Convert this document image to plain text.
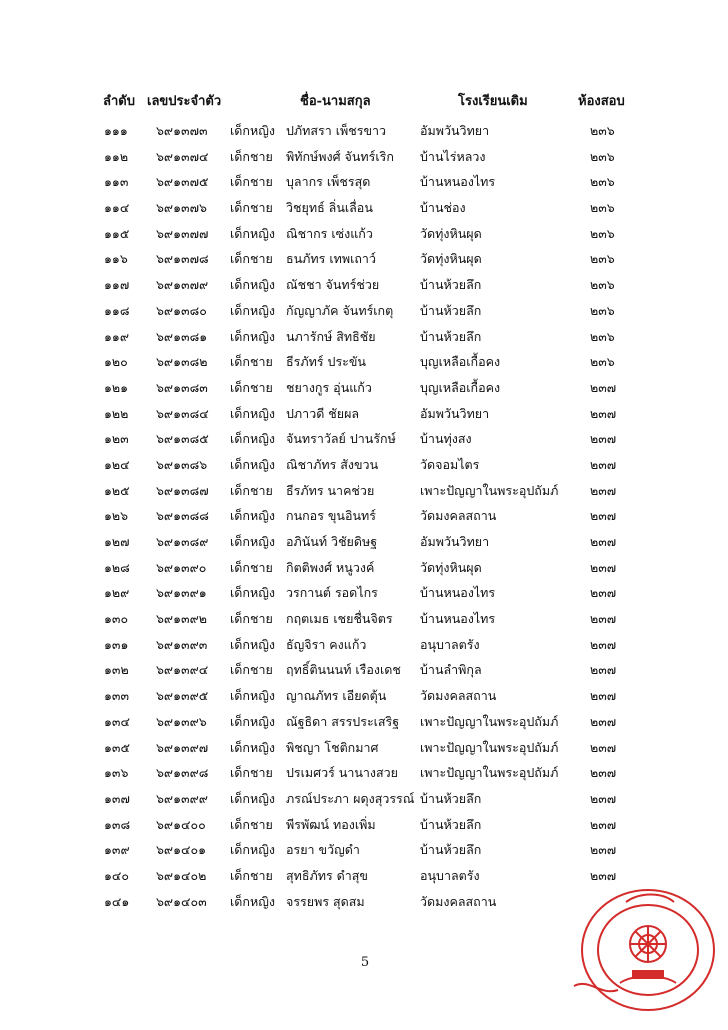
ลำดับ เลขประจำตัว	ชื่อ-นามสกุล	โรงเรียนเดิม	ห้องสอบ
๑๑๑	๖๙๑๓๗๓	เด็กหญิง ปภัทสรา เพ็ชรขาว	อัมพวันวิทยา	๒๓๖
๑๑๒	๖๙๑๓๗๔	เด็กชาย	พิทักษ์พงศ์ จันทร์เริก	บ้านไร่หลวง	๒๓๖
๑๑๓	๖๙๑๓๗๕	เด็กชาย	บุลากร เพ็ชรสุด	บ้านหนองไทร	๒๓๖
๑๑๔	๖๙๑๓๗๖	เด็กชาย	วิชยุทธ์ ลิ่นเลื่อน	บ้านช่อง	๒๓๖
๑๑๕	๖๙๑๓๗๗	เด็กหญิง ณิชากร เซ่งแก้ว	วัดทุ่งหินผุด	๒๓๖
๑๑๖	๖๙๑๓๗๘	เด็กชาย	ธนภัทร เทพเถาว์	วัดทุ่งหินผุด	๒๓๖
๑๑๗	๖๙๑๓๗๙	เด็กหญิง ณัชชา จันทร์ช่วย	บ้านห้วยลึก	๒๓๖
๑๑๘	๖๙๑๓๘๐	เด็กหญิง กัญญาภัค จันทร์เกตุ	บ้านห้วยลึก	๒๓๖
๑๑๙	๖๙๑๓๘๑	เด็กหญิง นภารักษ์ สิทธิชัย	บ้านห้วยลึก	๒๓๖
๑๒๐	๖๙๑๓๘๒	เด็กชาย	ธีรภัทร์ ประขัน	บุญเหลือเกื้อคง	๒๓๖
๑๒๑	๖๙๑๓๘๓	เด็กชาย	ชยางกูร อุ่นแก้ว	บุญเหลือเกื้อคง	๒๓๗
๑๒๒	๖๙๑๓๘๔	เด็กหญิง ปภาวดี ชัยผล	อัมพวันวิทยา	๒๓๗
๑๒๓	๖๙๑๓๘๕	เด็กหญิง จันทราวัลย์ ปานรักษ์	บ้านทุ่งสง	๒๓๗
๑๒๔	๖๙๑๓๘๖	เด็กหญิง ณิชาภัทร สังขวน	วัดจอมไตร	๒๓๗
๑๒๕	๖๙๑๓๘๗	เด็กชาย	ธีรภัทร นาคช่วย	เพาะปัญญาในพระอุปถัมภ์	๒๓๗
๑๒๖	๖๙๑๓๘๘	เด็กหญิง กนกอร ขุนอินทร์	วัดมงคลสถาน	๒๓๗
๑๒๗	๖๙๑๓๘๙	เด็กหญิง อภินันท์ วิชัยดิษฐ	อัมพวันวิทยา	๒๓๗
๑๒๘	๖๙๑๓๙๐	เด็กชาย	กิตติพงศ์ หนูวงค์	วัดทุ่งหินผุด	๒๓๗
๑๒๙	๖๙๑๓๙๑	เด็กหญิง วรกานต์ รอดไกร	บ้านหนองไทร	๒๓๗
๑๓๐	๖๙๑๓๙๒	เด็กชาย	กฤตเมธ เชยชื่นจิตร	บ้านหนองไทร	๒๓๗
๑๓๑	๖๙๑๓๙๓	เด็กหญิง ธัญจิรา คงแก้ว	อนุบาลตรัง	๒๓๗
๑๓๒	๖๙๑๓๙๔	เด็กชาย	ฤทธิ์ตินนนท์ เรืองเดช	บ้านลำพิกุล	๒๓๗
๑๓๓	๖๙๑๓๙๕	เด็กหญิง ญาณภัทร เอียดตุ้น	วัดมงคลสถาน	๒๓๗
๑๓๔	๖๙๑๓๙๖	เด็กหญิง ณัฐธิดา สรรประเสริฐ	เพาะปัญญาในพระอุปถัมภ์	๒๓๗
๑๓๕	๖๙๑๓๙๗	เด็กหญิง พิชญา โชติกมาศ	เพาะปัญญาในพระอุปถัมภ์	๒๓๗
๑๓๖	๖๙๑๓๙๘	เด็กชาย	ปรเมศวร์ นานางสวย	เพาะปัญญาในพระอุปถัมภ์	๒๓๗
๑๓๗	๖๙๑๓๙๙	เด็กหญิง ภรณ์ประภา ผดุงสุวรรณ์ บ้านห้วยลึก	๒๓๗
๑๓๘	๖๙๑๔๐๐	เด็กชาย	พีรพัฒน์ ทองเพิ่ม	บ้านห้วยลึก	๒๓๗
๑๓๙	๖๙๑๔๐๑	เด็กหญิง อรยา ขวัญดำ	บ้านห้วยลึก	๒๓๗
๑๔๐	๖๙๑๔๐๒	เด็กชาย	สุทธิภัทร ดำสุข	อนุบาลตรัง	๒๓๗
๑๔๑	๖๙๑๔๐๓	เด็กหญิง จรรยพร สุดสม	วัดมงคลสถาน
5
